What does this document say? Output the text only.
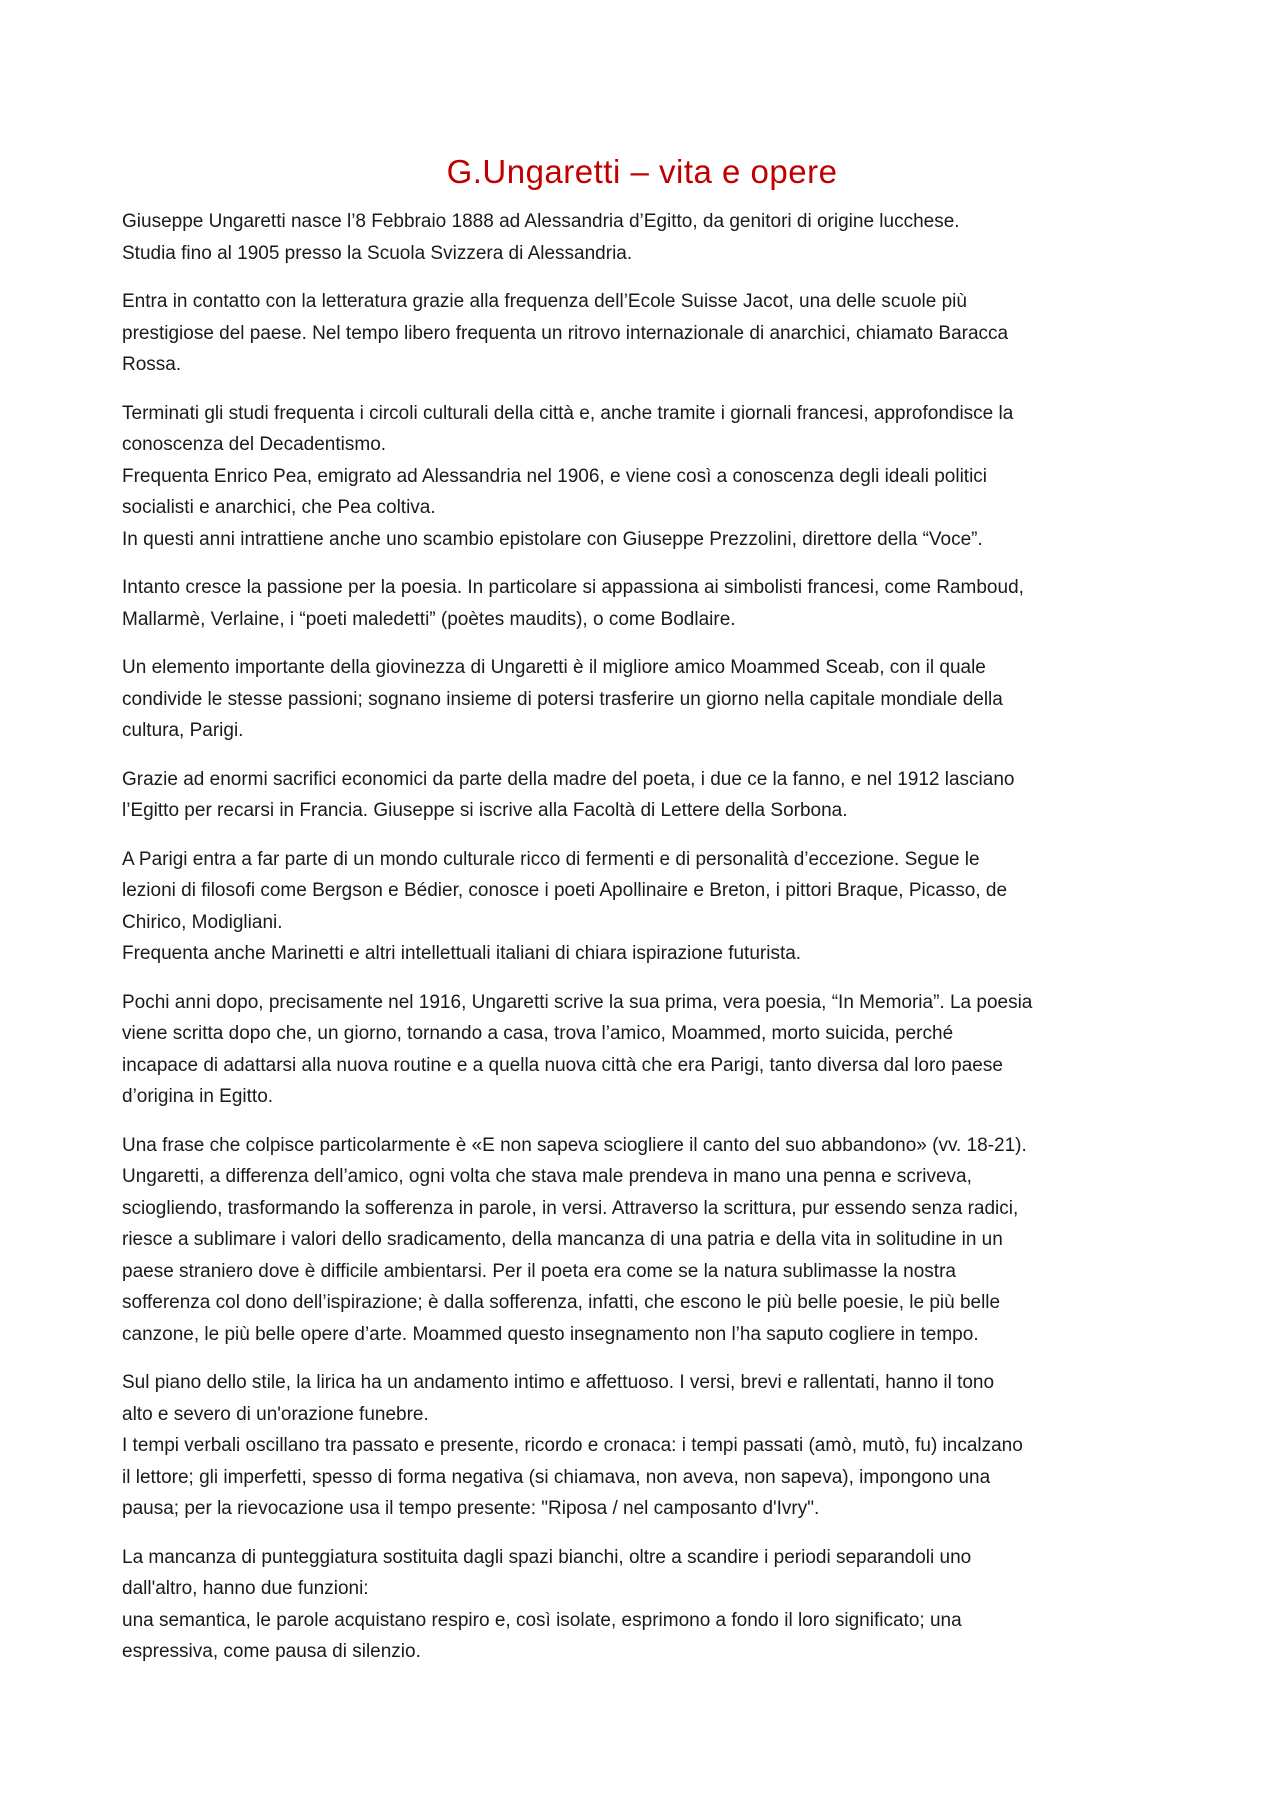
G.Ungaretti – vita e opere

Giuseppe Ungaretti nasce l’8 Febbraio 1888 ad Alessandria d’Egitto, da genitori di origine lucchese.
Studia fino al 1905 presso la Scuola Svizzera di Alessandria.

Entra in contatto con la letteratura grazie alla frequenza dell’Ecole Suisse Jacot, una delle scuole più
prestigiose del paese. Nel tempo libero frequenta un ritrovo internazionale di anarchici, chiamato Baracca
Rossa.

Terminati gli studi frequenta i circoli culturali della città e, anche tramite i giornali francesi, approfondisce la
conoscenza del Decadentismo.
Frequenta Enrico Pea, emigrato ad Alessandria nel 1906, e viene così a conoscenza degli ideali politici
socialisti e anarchici, che Pea coltiva.
In questi anni intrattiene anche uno scambio epistolare con Giuseppe Prezzolini, direttore della “Voce”.

Intanto cresce la passione per la poesia. In particolare si appassiona ai simbolisti francesi, come Ramboud,
Mallarmè, Verlaine, i “poeti maledetti” (poètes maudits), o come Bodlaire.

Un elemento importante della giovinezza di Ungaretti è il migliore amico Moammed Sceab, con il quale
condivide le stesse passioni; sognano insieme di potersi trasferire un giorno nella capitale mondiale della
cultura, Parigi.

Grazie ad enormi sacrifici economici da parte della madre del poeta, i due ce la fanno, e nel 1912 lasciano
l’Egitto per recarsi in Francia. Giuseppe si iscrive alla Facoltà di Lettere della Sorbona.

A Parigi entra a far parte di un mondo culturale ricco di fermenti e di personalità d’eccezione. Segue le
lezioni di filosofi come Bergson e Bédier, conosce i poeti Apollinaire e Breton, i pittori Braque, Picasso, de
Chirico, Modigliani.
Frequenta anche Marinetti e altri intellettuali italiani di chiara ispirazione futurista.

Pochi anni dopo, precisamente nel 1916, Ungaretti scrive la sua prima, vera poesia, “In Memoria”. La poesia
viene scritta dopo che, un giorno, tornando a casa, trova l’amico, Moammed, morto suicida, perché
incapace di adattarsi alla nuova routine e a quella nuova città che era Parigi, tanto diversa dal loro paese
d’origina in Egitto.

Una frase che colpisce particolarmente è «E non sapeva sciogliere il canto del suo abbandono» (vv. 18-21).
Ungaretti, a differenza dell’amico, ogni volta che stava male prendeva in mano una penna e scriveva,
sciogliendo, trasformando la sofferenza in parole, in versi. Attraverso la scrittura, pur essendo senza radici,
riesce a sublimare i valori dello sradicamento, della mancanza di una patria e della vita in solitudine in un
paese straniero dove è difficile ambientarsi. Per il poeta era come se la natura sublimasse la nostra
sofferenza col dono dell’ispirazione; è dalla sofferenza, infatti, che escono le più belle poesie, le più belle
canzone, le più belle opere d’arte. Moammed questo insegnamento non l’ha saputo cogliere in tempo.

Sul piano dello stile, la lirica ha un andamento intimo e affettuoso. I versi, brevi e rallentati, hanno il tono
alto e severo di un'orazione funebre.
I tempi verbali oscillano tra passato e presente, ricordo e cronaca: i tempi passati (amò, mutò, fu) incalzano
il lettore; gli imperfetti, spesso di forma negativa (si chiamava, non aveva, non sapeva), impongono una
pausa; per la rievocazione usa il tempo presente: "Riposa / nel camposanto d'Ivry".

La mancanza di punteggiatura sostituita dagli spazi bianchi, oltre a scandire i periodi separandoli uno
dall'altro, hanno due funzioni:
una semantica, le parole acquistano respiro e, così isolate, esprimono a fondo il loro significato; una
espressiva, come pausa di silenzio.
